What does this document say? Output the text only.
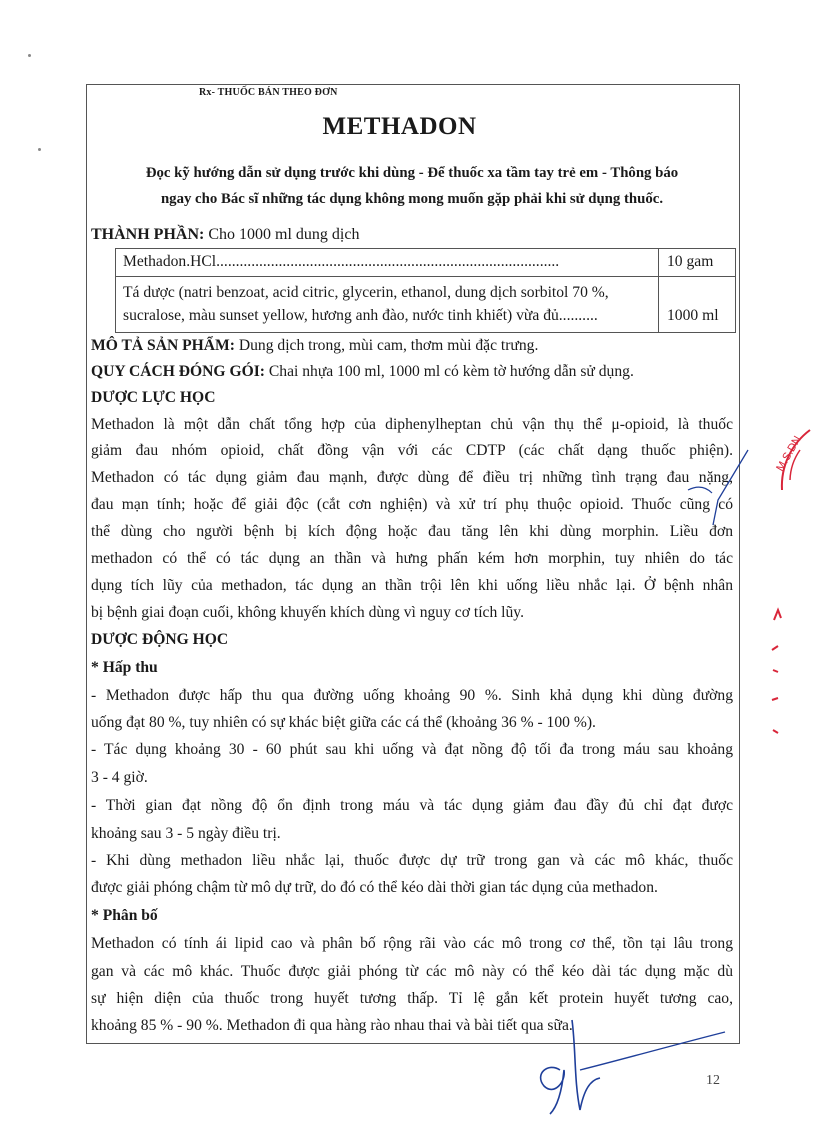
Rx- THUỐC BÁN THEO ĐƠN
METHADON
Đọc kỹ hướng dẫn sử dụng trước khi dùng - Để thuốc xa tầm tay trẻ em - Thông báo
ngay cho Bác sĩ những tác dụng không mong muốn gặp phải khi sử dụng thuốc.
THÀNH PHẦN: Cho 1000 ml dung dịch
Methadon.HCl........................................................................................	10 gam
Tá dược (natri benzoat, acid citric, glycerin, ethanol, dung dịch sorbitol 70 %,
sucralose, màu sunset yellow, hương anh đào, nước tinh khiết) vừa đủ..........	1000 ml
MÔ TẢ SẢN PHẨM: Dung dịch trong, mùi cam, thơm mùi đặc trưng.
QUY CÁCH ĐÓNG GÓI: Chai nhựa 100 ml, 1000 ml có kèm tờ hướng dẫn sử dụng.
DƯỢC LỰC HỌC
Methadon là một dẫn chất tổng hợp của diphenylheptan chủ vận thụ thể μ-opioid, là thuốc
giảm đau nhóm opioid, chất đồng vận với các CDTP (các chất dạng thuốc phiện).
Methadon có tác dụng giảm đau mạnh, được dùng để điều trị những tình trạng đau nặng,
đau mạn tính; hoặc để giải độc (cắt cơn nghiện) và xử trí phụ thuộc opioid. Thuốc cũng có
thể dùng cho người bệnh bị kích động hoặc đau tăng lên khi dùng morphin. Liều đơn
methadon có thể có tác dụng an thần và hưng phấn kém hơn morphin, tuy nhiên do tác
dụng tích lũy của methadon, tác dụng an thần trội lên khi uống liều nhắc lại. Ở bệnh nhân
bị bệnh giai đoạn cuối, không khuyến khích dùng vì nguy cơ tích lũy.
DƯỢC ĐỘNG HỌC
* Hấp thu
- Methadon được hấp thu qua đường uống khoảng 90 %. Sinh khả dụng khi dùng đường
uống đạt 80 %, tuy nhiên có sự khác biệt giữa các cá thể (khoảng 36 % - 100 %).
- Tác dụng khoảng 30 - 60 phút sau khi uống và đạt nồng độ tối đa trong máu sau khoảng
3 - 4 giờ.
- Thời gian đạt nồng độ ổn định trong máu và tác dụng giảm đau đầy đủ chỉ đạt được
khoảng sau 3 - 5 ngày điều trị.
- Khi dùng methadon liều nhắc lại, thuốc được dự trữ trong gan và các mô khác, thuốc
được giải phóng chậm từ mô dự trữ, do đó có thể kéo dài thời gian tác dụng của methadon.
* Phân bố
Methadon có tính ái lipid cao và phân bố rộng rãi vào các mô trong cơ thể, tồn tại lâu trong
gan và các mô khác. Thuốc được giải phóng từ các mô này có thể kéo dài tác dụng mặc dù
sự hiện diện của thuốc trong huyết tương thấp. Tỉ lệ gắn kết protein huyết tương cao,
khoảng 85 % - 90 %. Methadon đi qua hàng rào nhau thai và bài tiết qua sữa.
12
M.S.DN
